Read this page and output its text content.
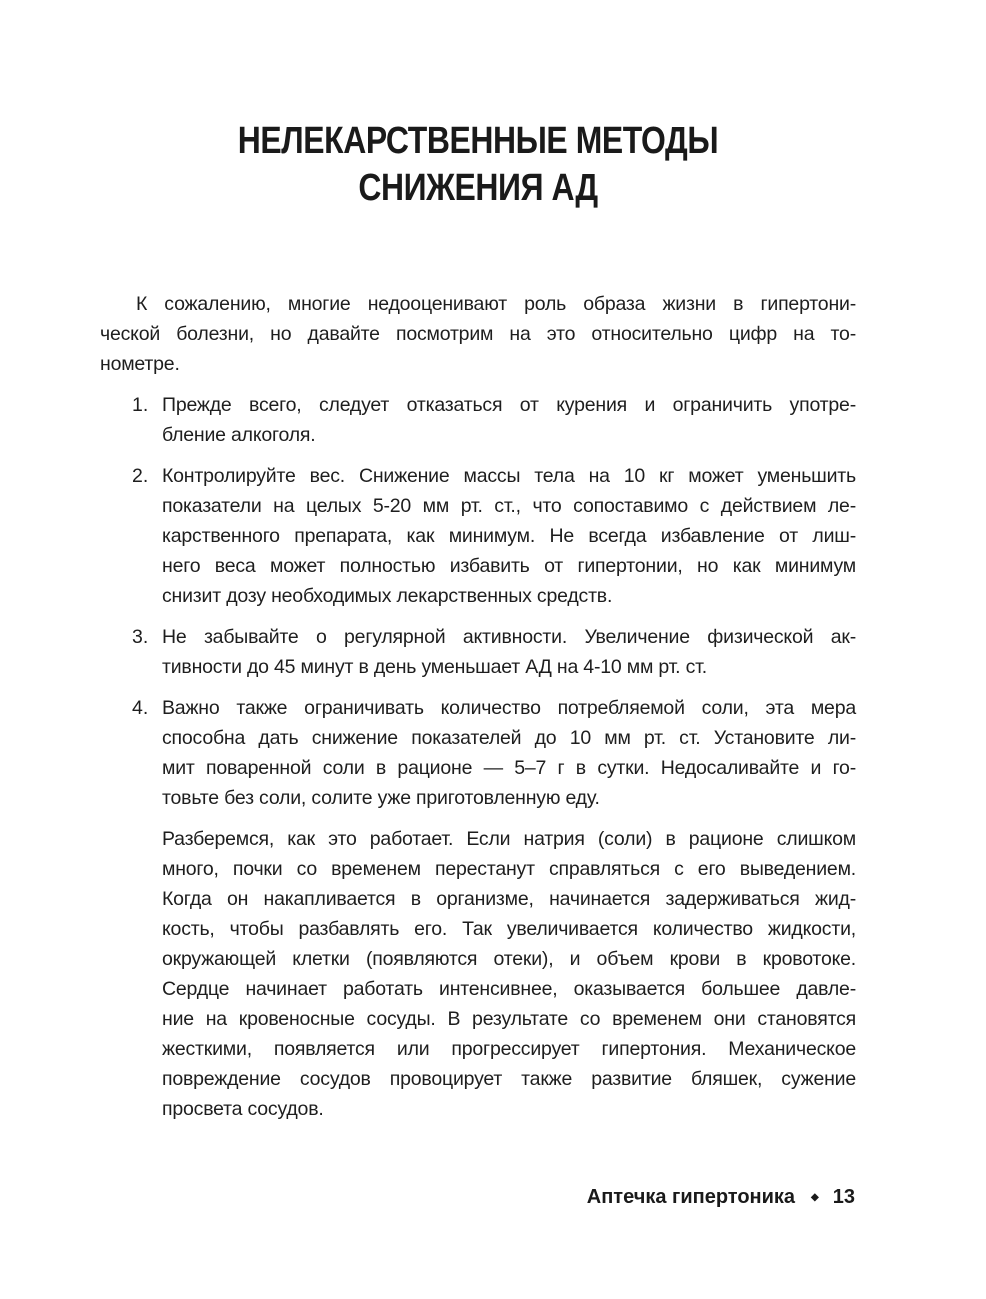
НЕЛЕКАРСТВЕННЫЕ МЕТОДЫ
СНИЖЕНИЯ АД
К сожалению, многие недооценивают роль образа жизни в гипертони-
ческой болезни, но давайте посмотрим на это относительно цифр на то-
нометре.
1. Прежде всего, следует отказаться от курения и ограничить употре-
бление алкоголя.
2. Контролируйте вес. Снижение массы тела на 10 кг может уменьшить
показатели на целых 5-20 мм рт. ст., что сопоставимо с действием ле-
карственного препарата, как минимум. Не всегда избавление от лиш-
него веса может полностью избавить от гипертонии, но как минимум
снизит дозу необходимых лекарственных средств.
3. Не забывайте о регулярной активности. Увеличение физической ак-
тивности до 45 минут в день уменьшает АД на 4-10 мм рт. ст.
4. Важно также ограничивать количество потребляемой соли, эта мера
способна дать снижение показателей до 10 мм рт. ст. Установите ли-
мит поваренной соли в рационе — 5–7 г в сутки. Недосаливайте и го-
товьте без соли, солите уже приготовленную еду.
Разберемся, как это работает. Если натрия (соли) в рационе слишком
много, почки со временем перестанут справляться с его выведением.
Когда он накапливается в организме, начинается задерживаться жид-
кость, чтобы разбавлять его. Так увеличивается количество жидкости,
окружающей клетки (появляются отеки), и объем крови в кровотоке.
Сердце начинает работать интенсивнее, оказывается большее давле-
ние на кровеносные сосуды. В результате со временем они становятся
жесткими, появляется или прогрессирует гипертония. Механическое
повреждение сосудов провоцирует также развитие бляшек, сужение
просвета сосудов.
Аптечка гипертоника ◆ 13
